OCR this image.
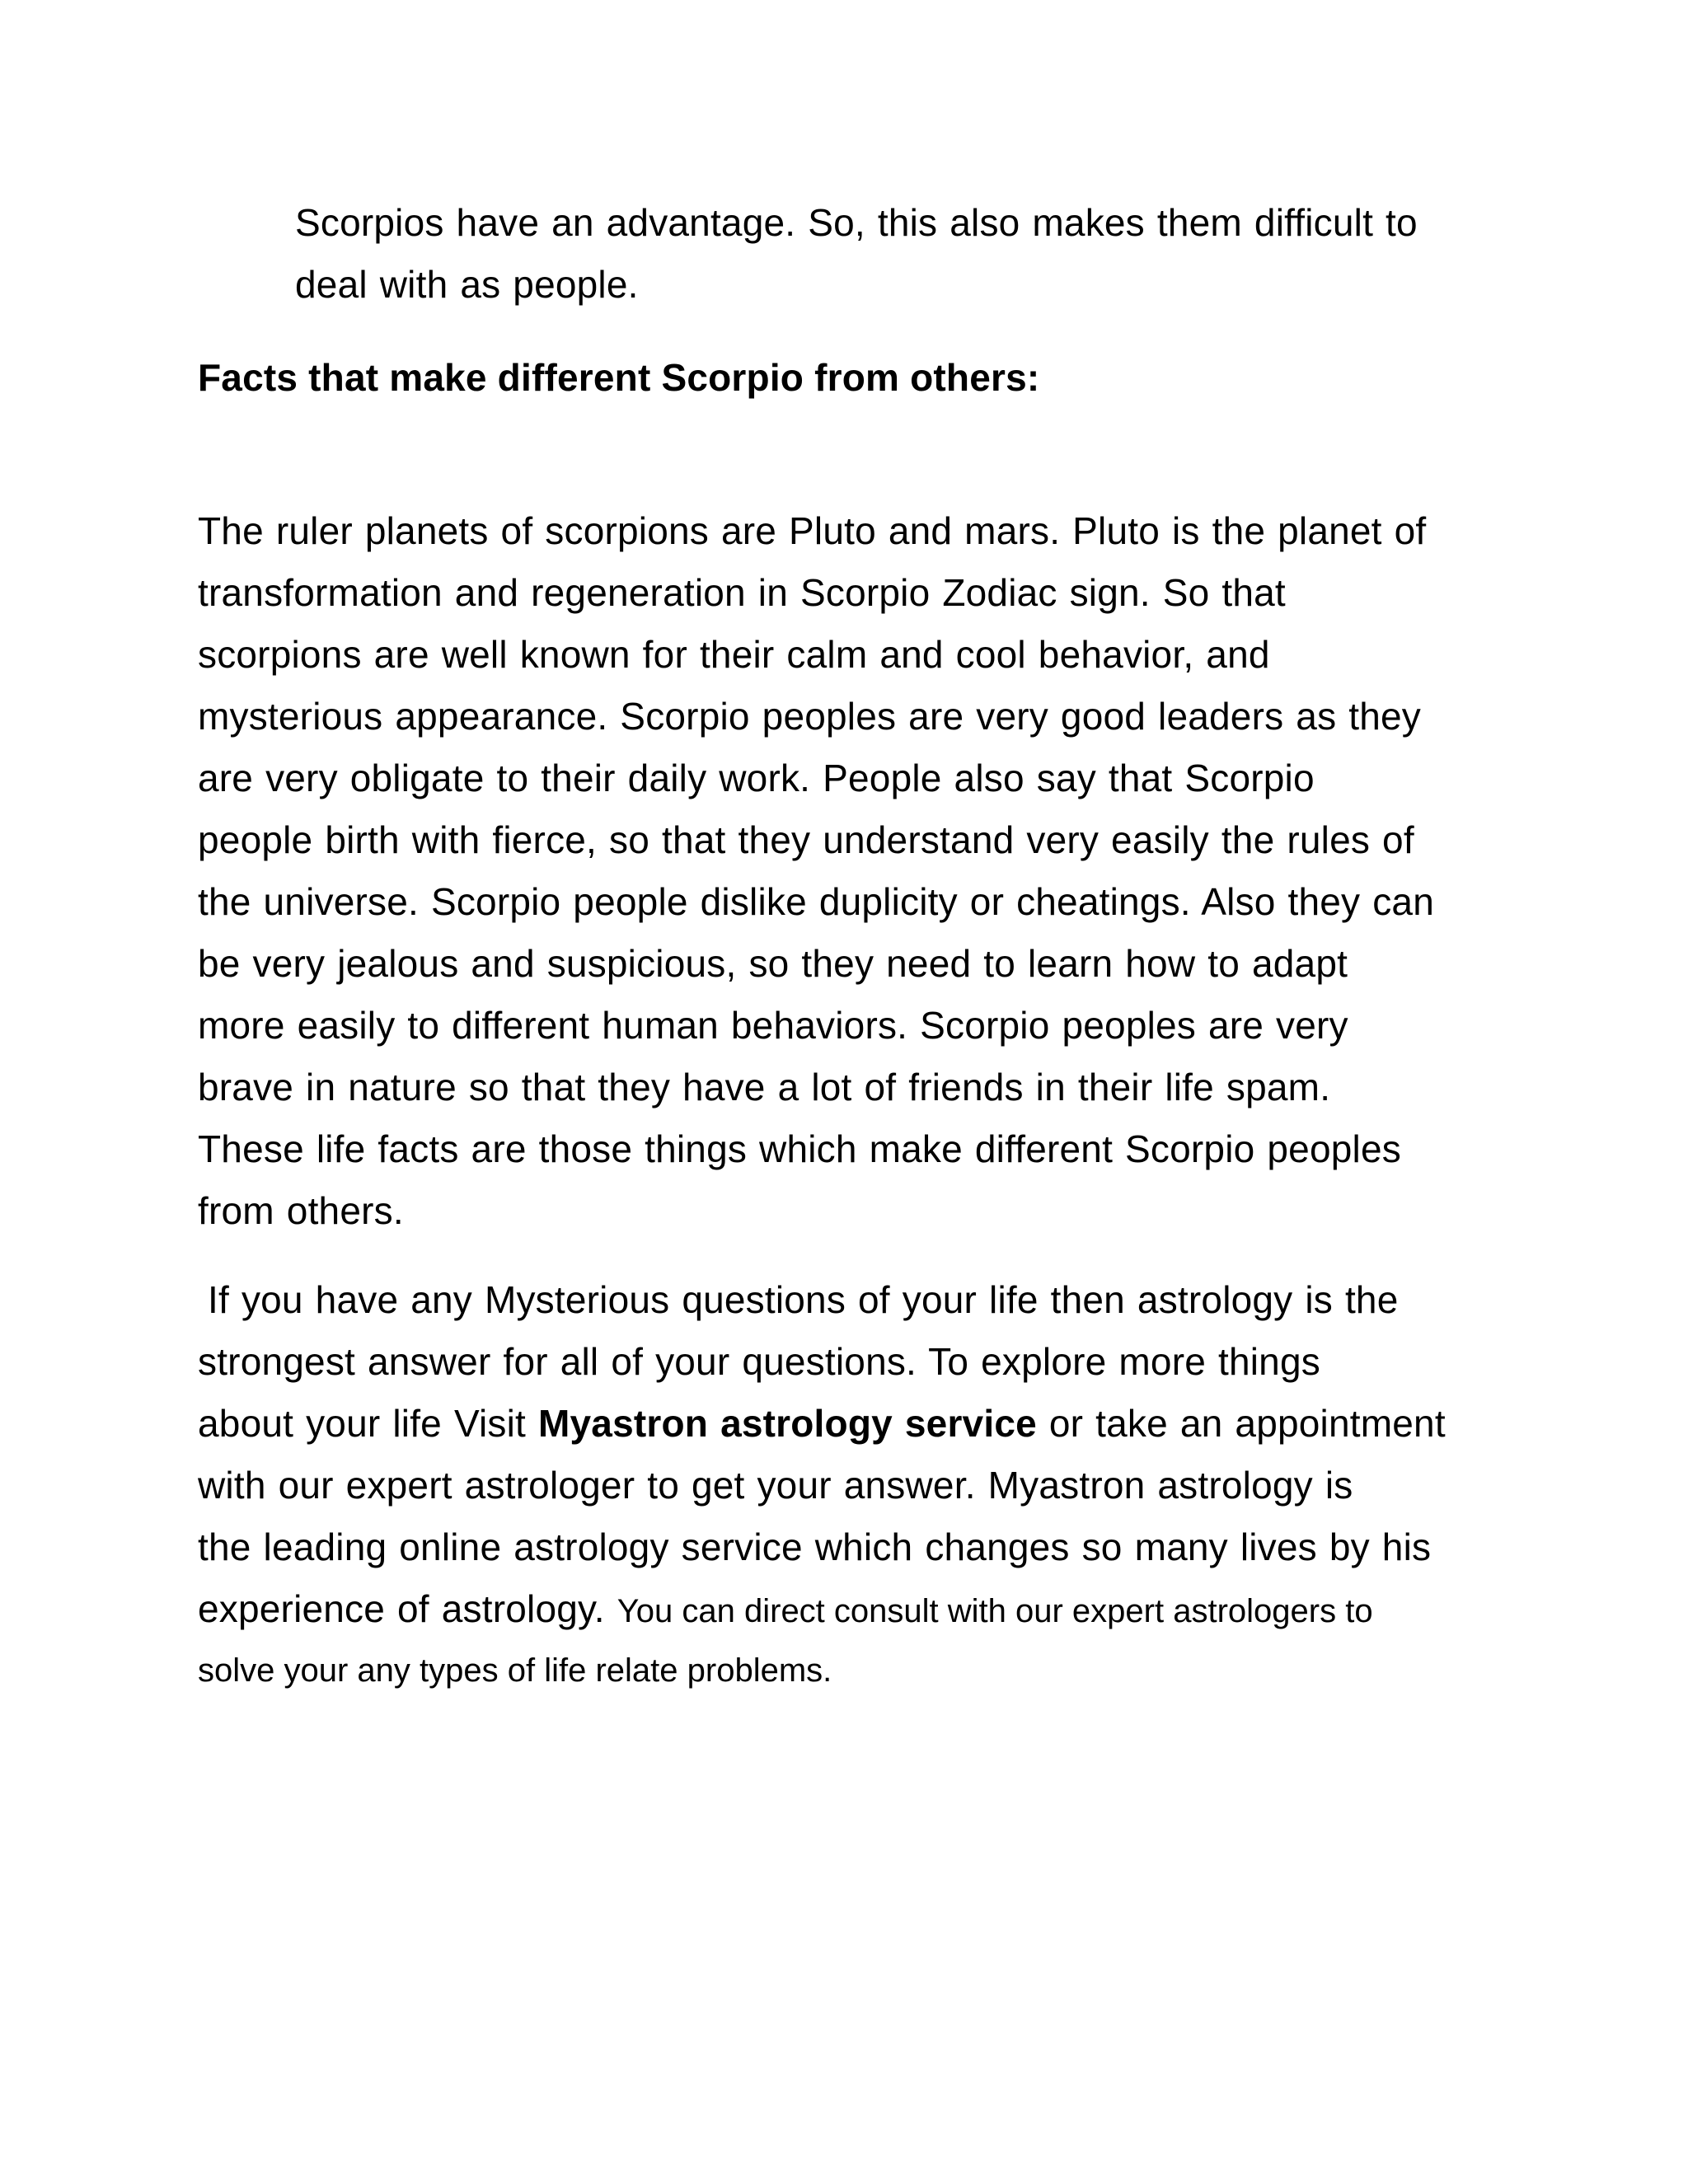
Scorpios have an advantage. So, this also makes them difficult to
deal with as people.
Facts that make different Scorpio from others:
The ruler planets of scorpions are Pluto and mars. Pluto is the planet of
transformation and regeneration in Scorpio Zodiac sign. So that
scorpions are well known for their calm and cool behavior, and
mysterious appearance. Scorpio peoples are very good leaders as they
are very obligate to their daily work. People also say that Scorpio
people birth with fierce, so that they understand very easily the rules of
the universe. Scorpio people dislike duplicity or cheatings. Also they can
be very jealous and suspicious, so they need to learn how to adapt
more easily to different human behaviors. Scorpio peoples are very
brave in nature so that they have a lot of friends in their life spam.
These life facts are those things which make different Scorpio peoples
from others.
If you have any Mysterious questions of your life then astrology is the
strongest answer for all of your questions. To explore more things
about your life Visit Myastron astrology service or take an appointment
with our expert astrologer to get your answer. Myastron astrology is
the leading online astrology service which changes so many lives by his
experience of astrology. You can direct consult with our expert astrologers to
solve your any types of life relate problems.
